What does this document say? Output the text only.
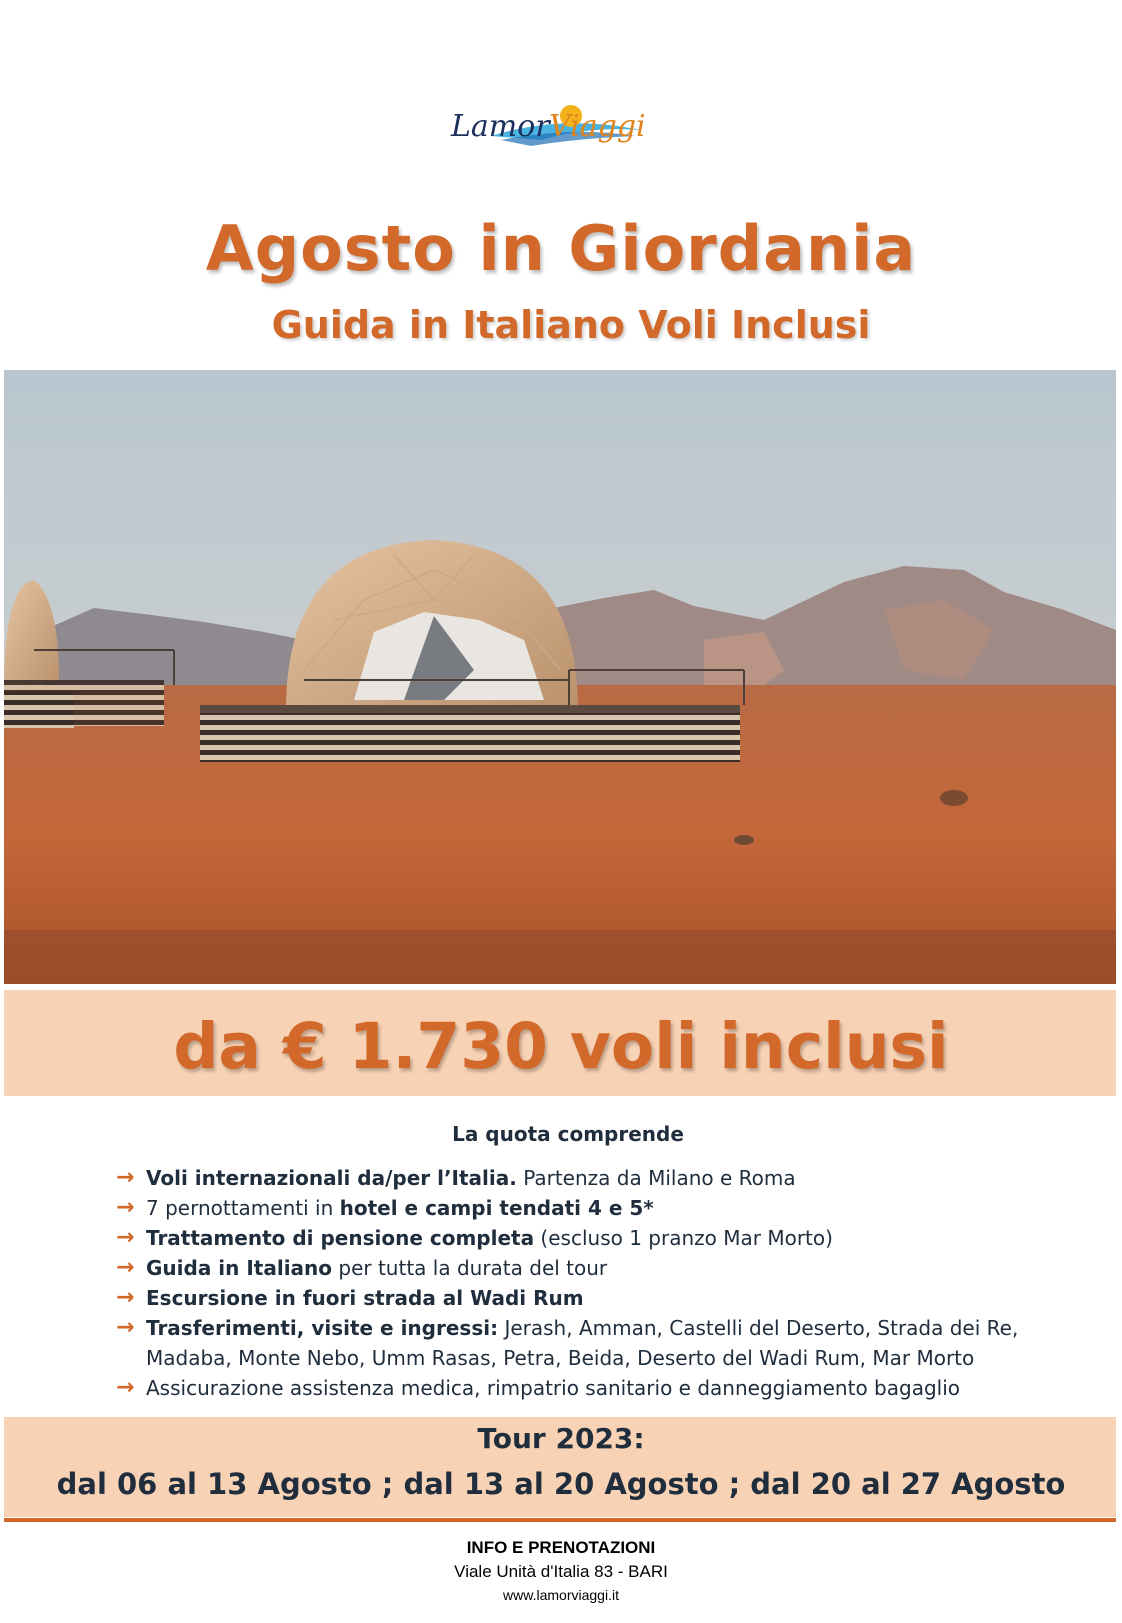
Lamor Viaggi
Agosto in Giordania
Guida in Italiano Voli Inclusi
da € 1.730 voli inclusi
La quota comprende
→ Voli internazionali da/per l’Italia. Partenza da Milano e Roma
→ 7 pernottamenti in hotel e campi tendati 4 e 5*
→ Trattamento di pensione completa (escluso 1 pranzo Mar Morto)
→ Guida in Italiano per tutta la durata del tour
→ Escursione in fuori strada al Wadi Rum
→ Trasferimenti, visite e ingressi: Jerash, Amman, Castelli del Deserto, Strada dei Re,
Madaba, Monte Nebo, Umm Rasas, Petra, Beida, Deserto del Wadi Rum, Mar Morto
→ Assicurazione assistenza medica, rimpatrio sanitario e danneggiamento bagaglio
Tour 2023:
dal 06 al 13 Agosto ; dal 13 al 20 Agosto ; dal 20 al 27 Agosto
INFO E PRENOTAZIONI
Viale Unità d'Italia 83 - BARI
www.lamorviaggi.it
